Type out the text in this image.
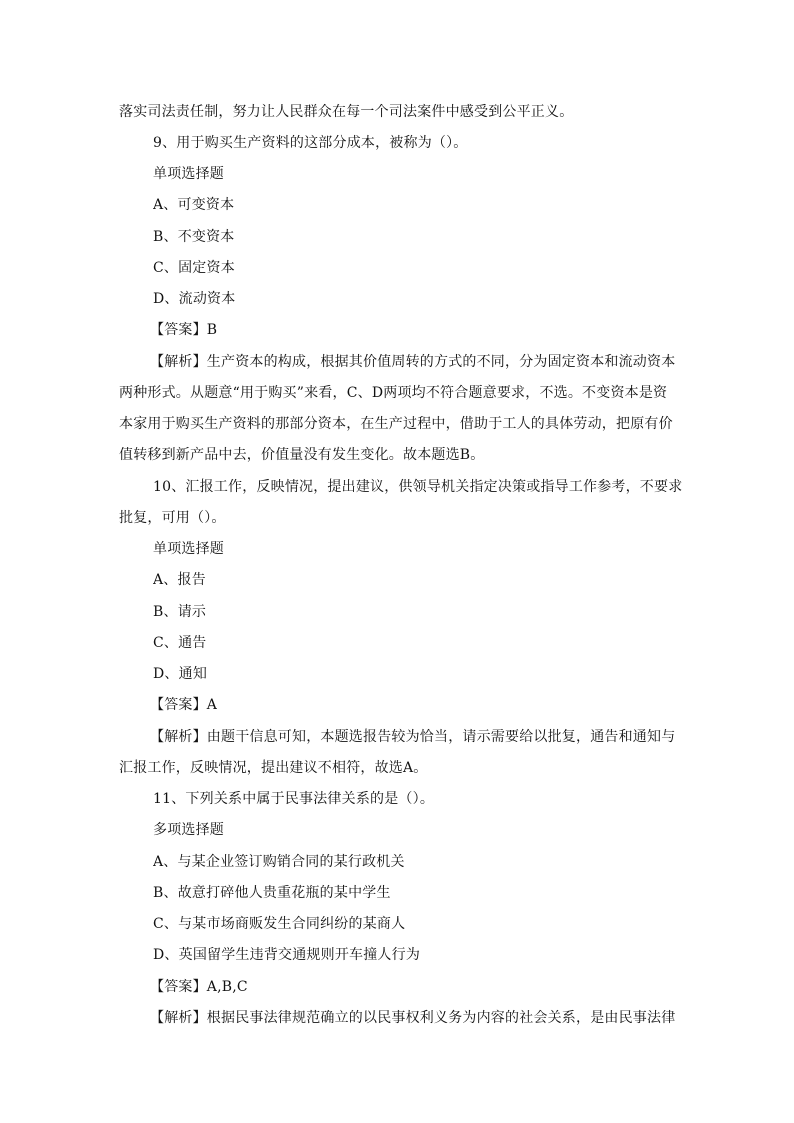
落实司法责任制，努力让人民群众在每一个司法案件中感受到公平正义。
9、用于购买生产资料的这部分成本，被称为（）。
单项选择题
A、可变资本
B、不变资本
C、固定资本
D、流动资本
【答案】B
【解析】生产资本的构成，根据其价值周转的方式的不同，分为固定资本和流动资本
两种形式。从题意“用于购买”来看，C、D两项均不符合题意要求，不选。不变资本是资
本家用于购买生产资料的那部分资本，在生产过程中，借助于工人的具体劳动，把原有价
值转移到新产品中去，价值量没有发生变化。故本题选B。
10、汇报工作，反映情况，提出建议，供领导机关指定决策或指导工作参考，不要求
批复，可用（）。
单项选择题
A、报告
B、请示
C、通告
D、通知
【答案】A
【解析】由题干信息可知，本题选报告较为恰当，请示需要给以批复，通告和通知与
汇报工作，反映情况，提出建议不相符，故选A。
11、下列关系中属于民事法律关系的是（）。
多项选择题
A、与某企业签订购销合同的某行政机关
B、故意打碎他人贵重花瓶的某中学生
C、与某市场商贩发生合同纠纷的某商人
D、英国留学生违背交通规则开车撞人行为
【答案】A,B,C
【解析】根据民事法律规范确立的以民事权利义务为内容的社会关系，是由民事法律
